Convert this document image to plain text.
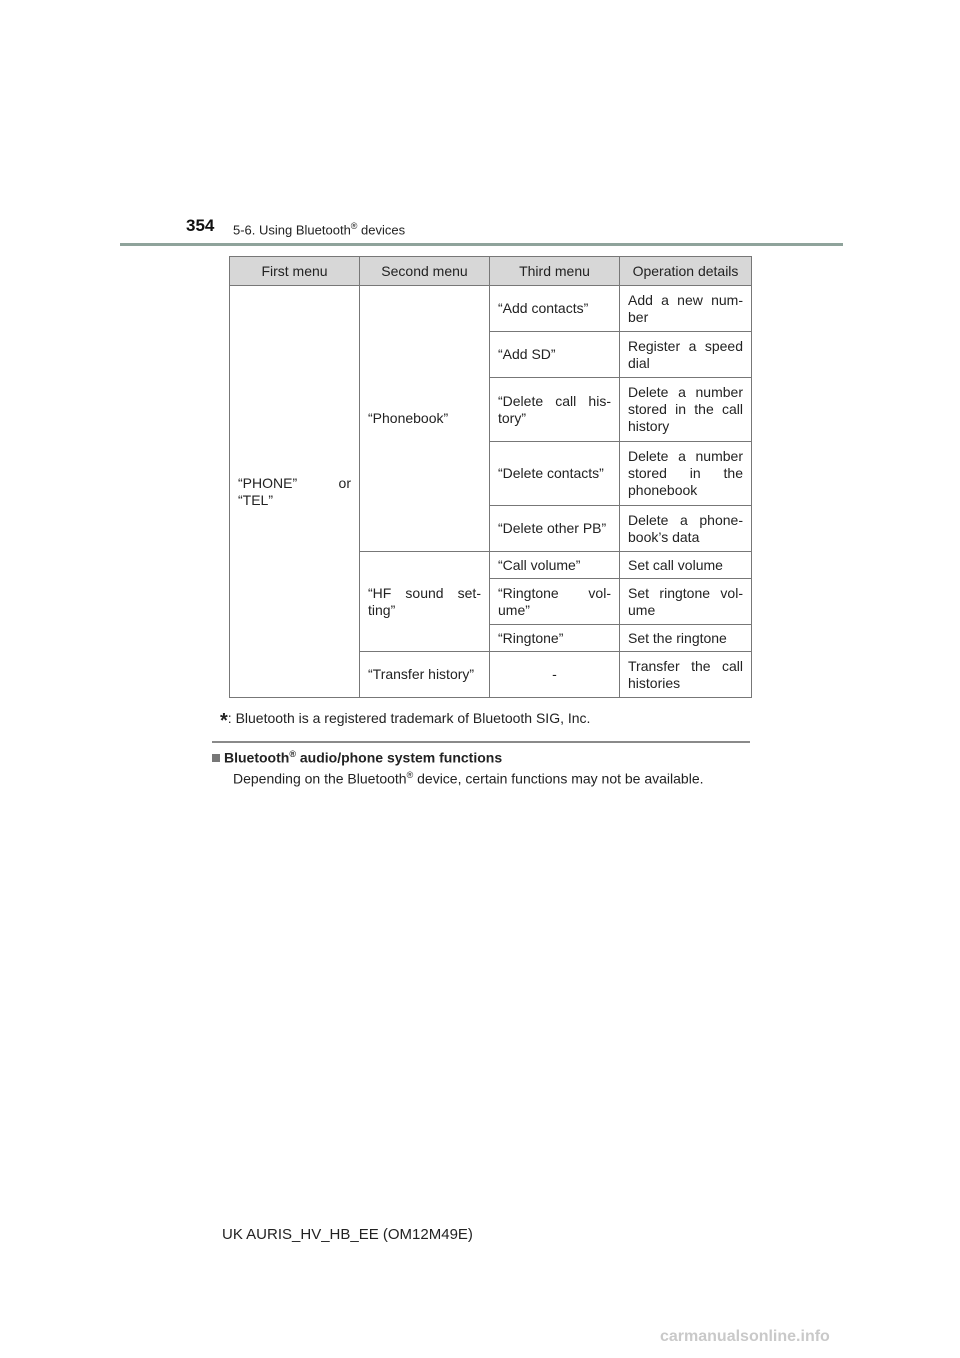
354 5-6. Using Bluetooth® devices
First menu	Second menu	Third menu	Operation details
“PHONE” or “TEL”	“Phonebook”	“Add contacts”	Add a new number
		“Add SD”	Register a speed dial
		“Delete call history”	Delete a number stored in the call history
		“Delete contacts”	Delete a number stored in the phonebook
		“Delete other PB”	Delete a phonebook’s data
	“HF sound setting”	“Call volume”	Set call volume
		“Ringtone volume”	Set ringtone volume
		“Ringtone”	Set the ringtone
	“Transfer history”	-	Transfer the call histories
*: Bluetooth is a registered trademark of Bluetooth SIG, Inc.
Bluetooth® audio/phone system functions
Depending on the Bluetooth® device, certain functions may not be available.
UK AURIS_HV_HB_EE (OM12M49E)
carmanualsonline.info
